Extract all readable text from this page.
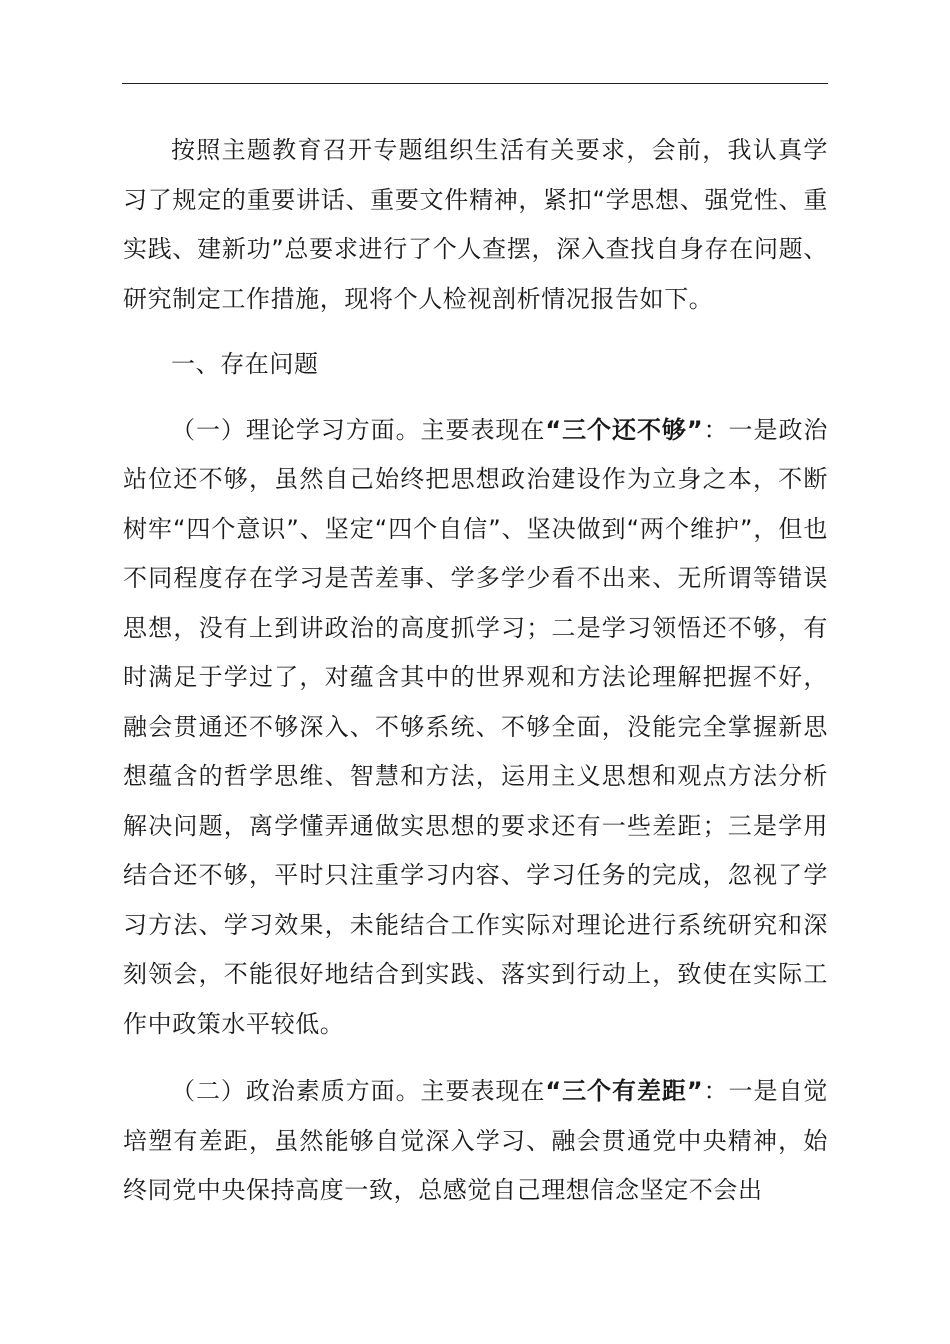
按照主题教育召开专题组织生活有关要求，会前，我认真学习了规定的重要讲话、重要文件精神，紧扣“学思想、强党性、重实践、建新功”总要求进行了个人查摆，深入查找自身存在问题、研究制定工作措施，现将个人检视剖析情况报告如下。

一、存在问题

（一）理论学习方面。主要表现在“三个还不够”：一是政治站位还不够，虽然自己始终把思想政治建设作为立身之本，不断树牢“四个意识”、坚定“四个自信”、坚决做到“两个维护”，但也不同程度存在学习是苦差事、学多学少看不出来、无所谓等错误思想，没有上到讲政治的高度抓学习；二是学习领悟还不够，有时满足于学过了，对蕴含其中的世界观和方法论理解把握不好，融会贯通还不够深入、不够系统、不够全面，没能完全掌握新思想蕴含的哲学思维、智慧和方法，运用主义思想和观点方法分析解决问题，离学懂弄通做实思想的要求还有一些差距；三是学用结合还不够，平时只注重学习内容、学习任务的完成，忽视了学习方法、学习效果，未能结合工作实际对理论进行系统研究和深刻领会，不能很好地结合到实践、落实到行动上，致使在实际工作中政策水平较低。

（二）政治素质方面。主要表现在“三个有差距”：一是自觉培塑有差距，虽然能够自觉深入学习、融会贯通党中央精神，始终同党中央保持高度一致，总感觉自己理想信念坚定不会出
